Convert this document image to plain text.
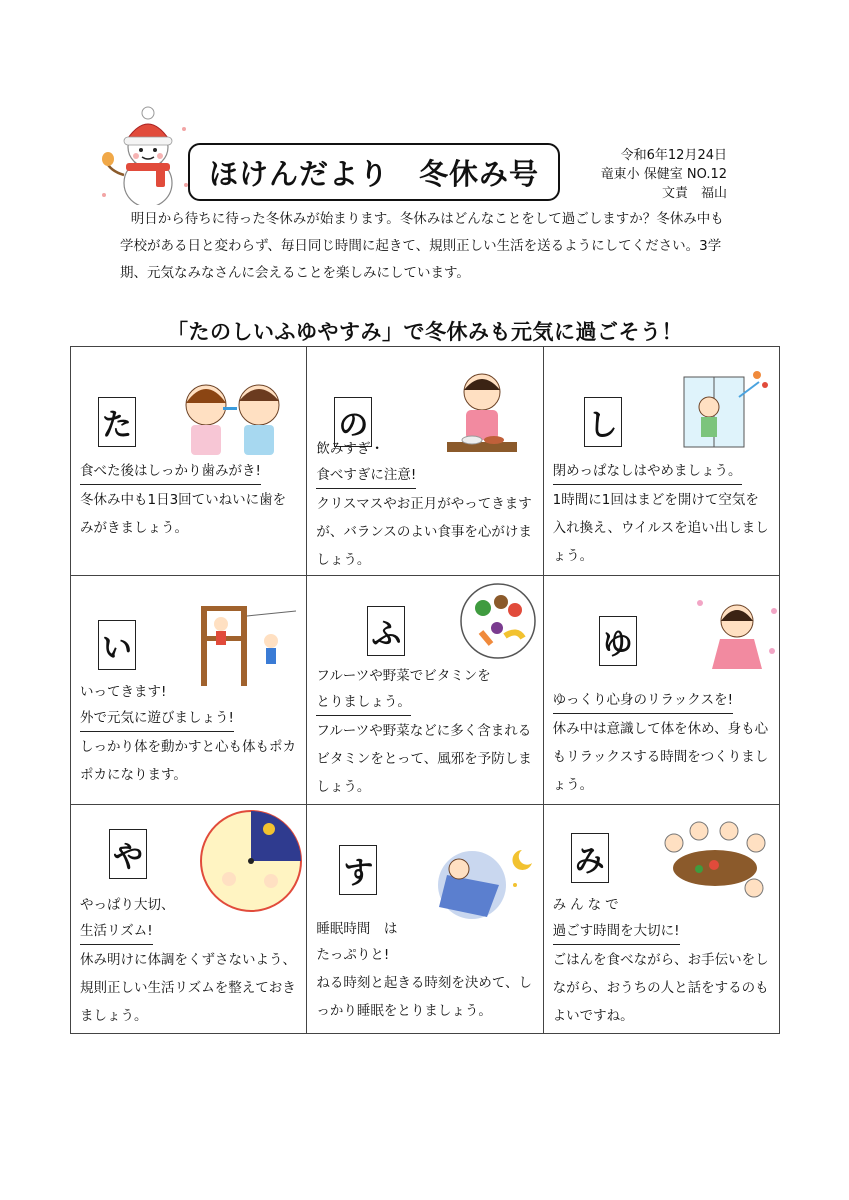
ほけんだより　冬休み号
令和6年12月24日
竜東小 保健室 NO.12
文責　福山
明日から待ちに待った冬休みが始まります。冬休みはどんなことをして過ごしますか？冬休み中も学校がある日と変わらず、毎日同じ時間に起きて、規則正しい生活を送るようにしてください。3学期、元気なみなさんに会えることを楽しみにしています。
「たのしいふゆやすみ」で冬休みも元気に過ごそう！
た
食べた後はしっかり歯みがき!
冬休み中も1日3回ていねいに歯をみがきましょう。
の
飲みすぎ・
食べすぎに注意!
クリスマスやお正月がやってきますが、バランスのよい食事を心がけましょう。
し
閉めっぱなしはやめましょう。
1時間に1回はまどを開けて空気を入れ換え、ウイルスを追い出しましょう。
い
いってきます!
外で元気に遊びましょう!
しっかり体を動かすと心も体もポカポカになります。
ふ
フルーツや野菜でビタミンを
とりましょう。
フルーツや野菜などに多く含まれるビタミンをとって、風邪を予防しましょう。
ゆ
ゆっくり心身のリラックスを!
休み中は意識して体を休め、身も心もリラックスする時間をつくりましょう。
や
やっぱり大切、
生活リズム!
休み明けに体調をくずさないよう、規則正しい生活リズムを整えておきましょう。
す
睡眠時間　は
たっぷりと!
ねる時刻と起きる時刻を決めて、しっかり睡眠をとりましょう。
み
みんなで
過ごす時間を大切に!
ごはんを食べながら、お手伝いをしながら、おうちの人と話をするのもよいですね。
